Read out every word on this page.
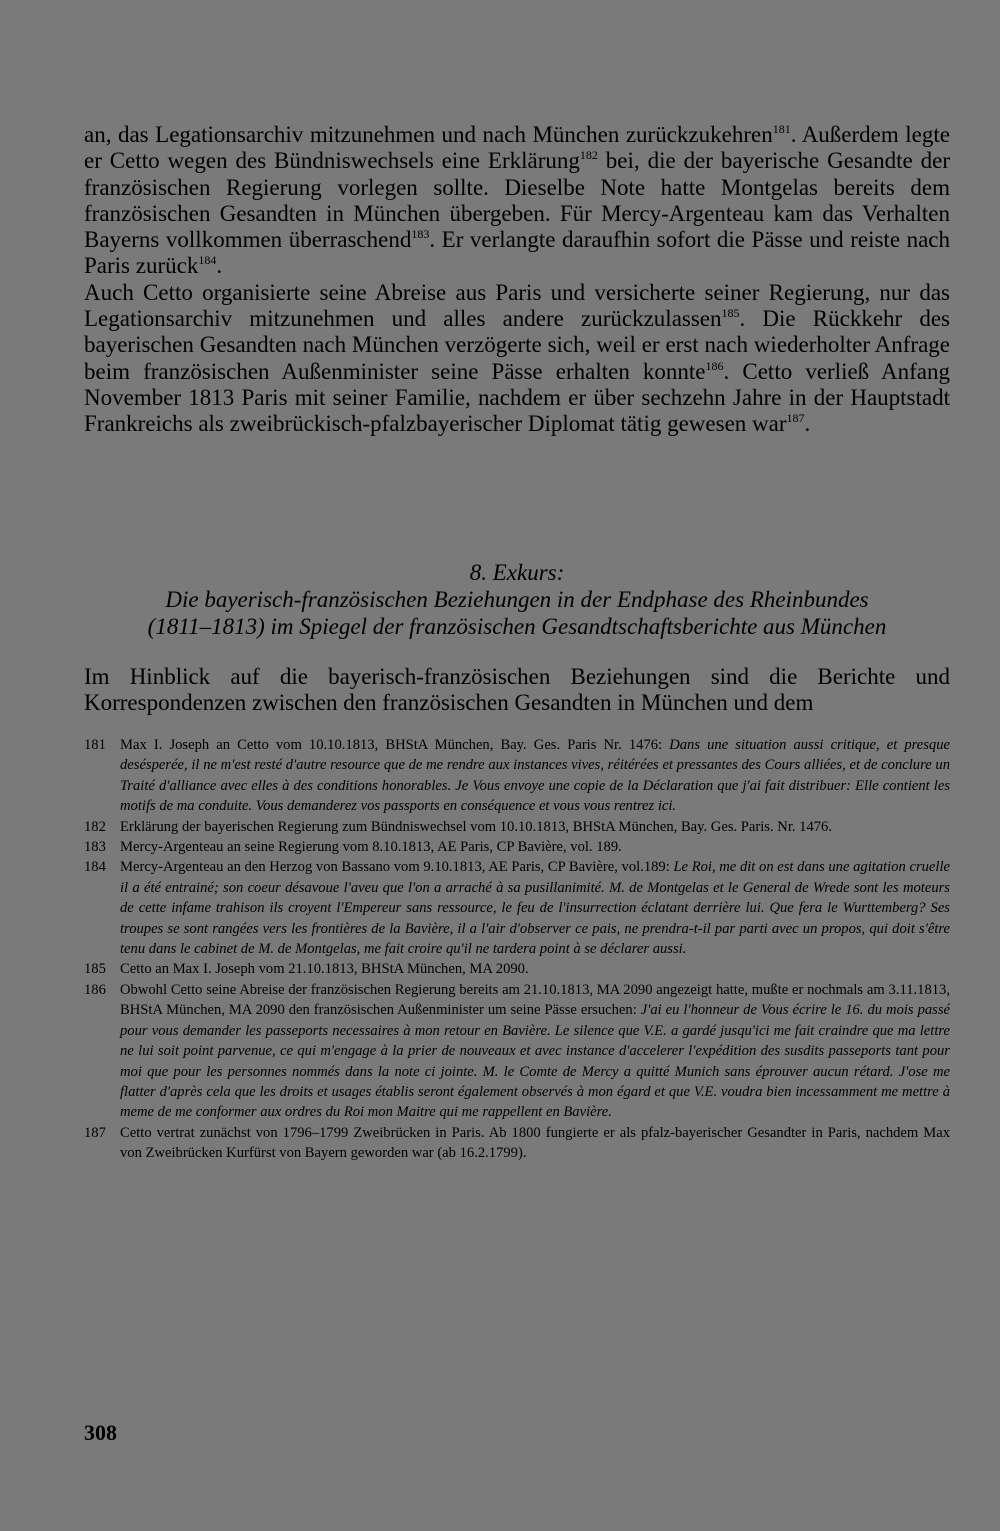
an, das Legationsarchiv mitzunehmen und nach München zurückzukehren$^{181}$. Außerdem legte er Cetto wegen des Bündniswechsels eine Erklärung$^{182}$ bei, die der bayerische Gesandte der französischen Regierung vorlegen sollte. Dieselbe Note hatte Montgelas bereits dem französischen Gesandten in München übergeben. Für Mercy-Argenteau kam das Verhalten Bayerns vollkommen überraschend$^{183}$. Er verlangte daraufhin sofort die Pässe und reiste nach Paris zurück$^{184}$.

Auch Cetto organisierte seine Abreise aus Paris und versicherte seiner Regierung, nur das Legationsarchiv mitzunehmen und alles andere zurückzulassen$^{185}$. Die Rückkehr des bayerischen Gesandten nach München verzögerte sich, weil er erst nach wiederholter Anfrage beim französischen Außenminister seine Pässe erhalten konnte$^{186}$. Cetto verließ Anfang November 1813 Paris mit seiner Familie, nachdem er über sechzehn Jahre in der Hauptstadt Frankreichs als zweibrückisch-pfalzbayerischer Diplomat tätig gewesen war$^{187}$.

8. Exkurs:
Die bayerisch-französischen Beziehungen in der Endphase des Rheinbundes
(1811–1813) im Spiegel der französischen Gesandtschaftsberichte aus München

Im Hinblick auf die bayerisch-französischen Beziehungen sind die Berichte und Korrespondenzen zwischen den französischen Gesandten in München und dem

181 Max I. Joseph an Cetto vom 10.10.1813, BHStA München, Bay. Ges. Paris Nr. 1476: Dans une situation aussi critique, et presque desésperée, il ne m'est resté d'autre resource que de me rendre aux instances vives, réitérées et pressantes des Cours alliées, et de conclure un Traité d'alliance avec elles à des conditions honorables. Je Vous envoye une copie de la Déclaration que j'ai fait distribuer: Elle contient les motifs de ma conduite. Vous demanderez vos passports en conséquence et vous vous rentrez ici.
182 Erklärung der bayerischen Regierung zum Bündniswechsel vom 10.10.1813, BHStA München, Bay. Ges. Paris. Nr. 1476.
183 Mercy-Argenteau an seine Regierung vom 8.10.1813, AE Paris, CP Bavière, vol. 189.
184 Mercy-Argenteau an den Herzog von Bassano vom 9.10.1813, AE Paris, CP Bavière, vol.189: Le Roi, me dit on est dans une agitation cruelle il a été entrainé; son coeur désavoue l'aveu que l'on a arraché à sa pusillanimité. M. de Montgelas et le General de Wrede sont les moteurs de cette infame trahison ils croyent l'Empereur sans ressource, le feu de l'insurrection éclatant derrière lui. Que fera le Wurttemberg? Ses troupes se sont rangées vers les frontières de la Bavière, il a l'air d'observer ce pais, ne prendra-t-il par parti avec un propos, qui doit s'être tenu dans le cabinet de M. de Montgelas, me fait croire qu'il ne tardera point à se déclarer aussi.
185 Cetto an Max I. Joseph vom 21.10.1813, BHStA München, MA 2090.
186 Obwohl Cetto seine Abreise der französischen Regierung bereits am 21.10.1813, MA 2090 angezeigt hatte, mußte er nochmals am 3.11.1813, BHStA München, MA 2090 den französischen Außenminister um seine Pässe ersuchen: J'ai eu l'honneur de Vous écrire le 16. du mois passé pour vous demander les passeports necessaires à mon retour en Bavière. Le silence que V.E. a gardé jusqu'ici me fait craindre que ma lettre ne lui soit point parvenue, ce qui m'engage à la prier de nouveaux et avec instance d'accelerer l'expédition des susdits passeports tant pour moi que pour les personnes nommés dans la note ci jointe. M. le Comte de Mercy a quitté Munich sans éprouver aucun rétard. J'ose me flatter d'après cela que les droits et usages établis seront également observés à mon égard et que V.E. voudra bien incessamment me mettre à meme de me conformer aux ordres du Roi mon Maitre qui me rappellent en Bavière.
187 Cetto vertrat zunächst von 1796–1799 Zweibrücken in Paris. Ab 1800 fungierte er als pfalz-bayerischer Gesandter in Paris, nachdem Max von Zweibrücken Kurfürst von Bayern geworden war (ab 16.2.1799).
308
